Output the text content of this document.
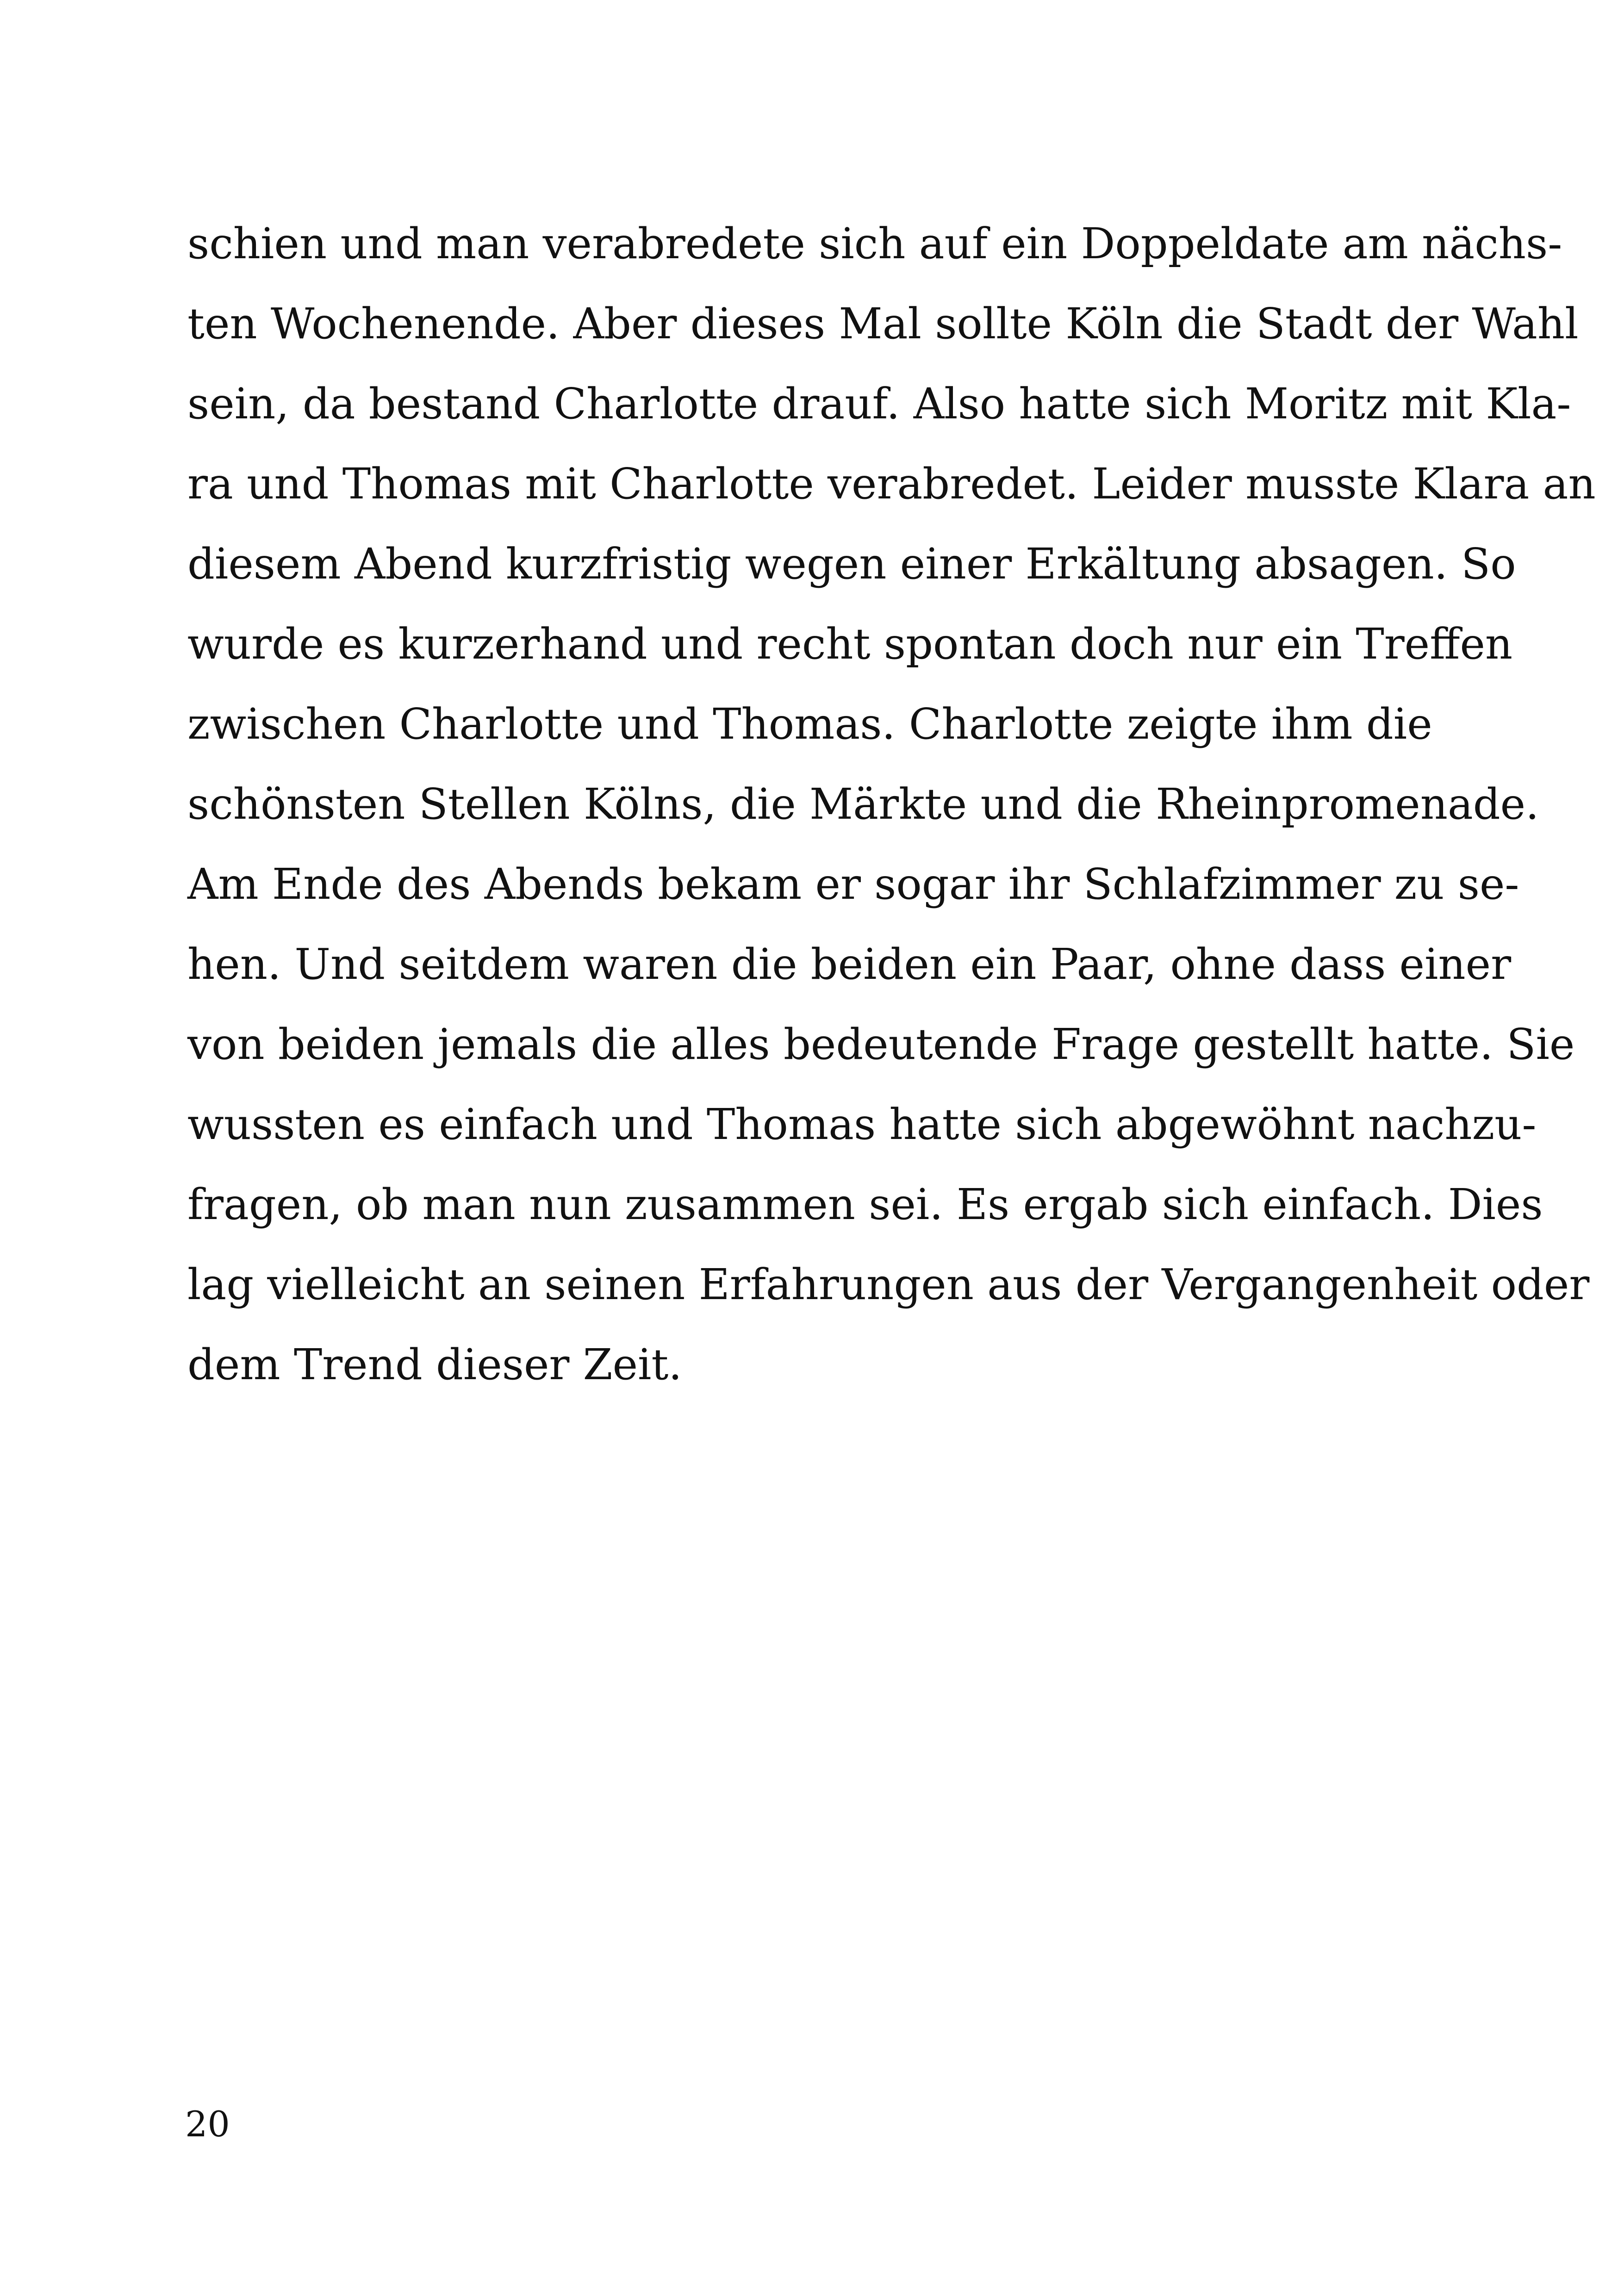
schien und man verabredete sich auf ein Doppeldate am nächs-
ten Wochenende. Aber dieses Mal sollte Köln die Stadt der Wahl
sein, da bestand Charlotte drauf. Also hatte sich Moritz mit Kla-
ra und Thomas mit Charlotte verabredet. Leider musste Klara an
diesem Abend kurzfristig wegen einer Erkältung absagen. So
wurde es kurzerhand und recht spontan doch nur ein Treffen
zwischen Charlotte und Thomas. Charlotte zeigte ihm die
schönsten Stellen Kölns, die Märkte und die Rheinpromenade.
Am Ende des Abends bekam er sogar ihr Schlafzimmer zu se-
hen. Und seitdem waren die beiden ein Paar, ohne dass einer
von beiden jemals die alles bedeutende Frage gestellt hatte. Sie
wussten es einfach und Thomas hatte sich abgewöhnt nachzu-
fragen, ob man nun zusammen sei. Es ergab sich einfach. Dies
lag vielleicht an seinen Erfahrungen aus der Vergangenheit oder
dem Trend dieser Zeit.

20
